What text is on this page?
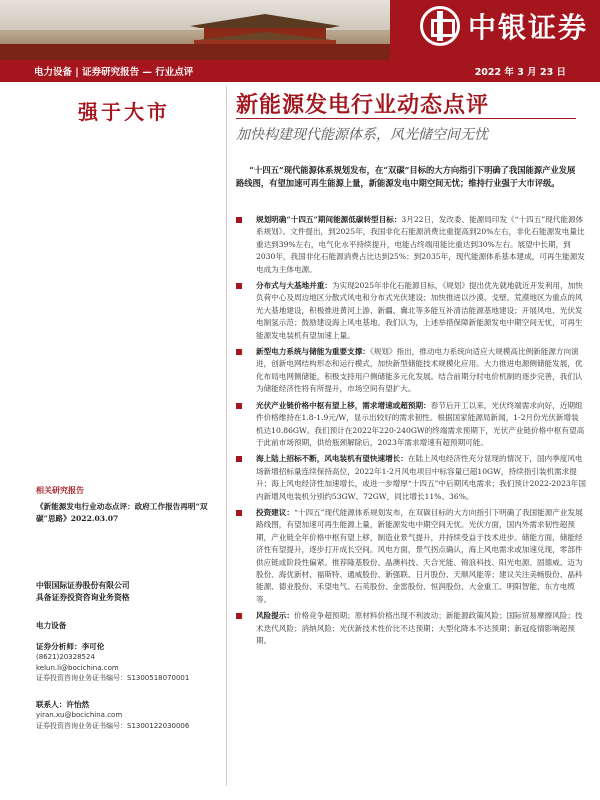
中银证券
电力设备 | 证券研究报告 — 行业点评	2022 年 3 月 23 日
强于大市	新能源发电行业动态点评
加快构建现代能源体系，风光储空间无忧
“十四五”现代能源体系规划发布，在“双碳”目标的大方向指引下明确了我国能源产业发展路线图，有望加速可再生能源上量，新能源发电中期空间无忧；维持行业强于大市评级。
规划明确“十四五”期间能源低碳转型目标：3月22日，发改委、能源局印发《“十四五”现代能源体系规划》。文件提出，到2025年，我国非化石能源消费比重提高到20%左右，非化石能源发电量比重达到39%左右，电气化水平持续提升，电能占终端用能比重达到30%左右。展望中长期，到2030年，我国非化石能源消费占比达到25%；到2035年，现代能源体系基本建成，可再生能源发电成为主体电源。
分布式与大基地并重：为实现2025年非化石能源目标，《规划》提出优先就地就近开发利用，加快负荷中心及周边地区分散式风电和分布式光伏建设；加快推进以沙漠、戈壁、荒漠地区为重点的风光大基地建设，积极推进黄河上游、新疆、冀北等多能互补清洁能源基地建设；开展风电、光伏发电制氢示范；鼓励建设海上风电基地。我们认为，上述举措保障新能源发电中期空间无忧，可再生能源发电装机有望加速上量。
新型电力系统与储能为重要支撑：《规划》指出，推动电力系统向适应大规模高比例新能源方向演进，创新电网结构形态和运行模式，加快新型储能技术规模化应用。大力推进电源侧储能发展，优化布局电网侧储能，积极支持用户侧储能多元化发展。结合前期分时电价机制的逐步完善，我们认为储能经济性将有所提升，市场空间有望扩大。
光伏产业链价格中枢有望上移，需求增速或超预期：春节后开工以来，光伏终端需求向好，近期组件价格维持在1.8-1.9元/W，显示出较好的需求韧性。根据国家能源局新闻，1-2月份光伏新增装机达10.86GW。我们预计在2022年220-240GW的终端需求预期下，光伏产业链价格中枢有望高于此前市场预期，供给瓶颈解除后，2023年需求增速有超预期可能。
海上陆上招标不断，风电装机有望快速增长：在陆上风电经济性充分显现的情况下，国内季度风电场新增招标量连续保持高位，2022年1-2月风电项目中标容量已超10GW，持续指引装机需求提升；海上风电经济性加速增长，或进一步增厚“十四五”中后期风电需求；我们预计2022-2023年国内新增风电装机分别约53GW、72GW，同比增长11%、36%。
投资建议：“十四五”现代能源体系规划发布，在双碳目标的大方向指引下明确了我国能源产业发展路线图，有望加速可再生能源上量，新能源发电中期空间无忧。光伏方面，国内外需求韧性超预期，产业链全年价格中枢有望上移，制造业景气提升，并持续受益于技术进步。储能方面，储能经济性有望提升，逐步打开成长空间。风电方面，景气拐点确认，海上风电需求或加速兑现，零部件供应链或阶段性偏紧。推荐隆基股份、晶澳科技、天合光能、锦浪科技、阳光电源、固德威、迈为股份、海优新材、福斯特、通威股份、新强联、日月股份、天顺风能等；建议关注美畅股份、晶科能源、德业股份、禾望电气、石英股份、金雷股份、恒润股份、大金重工、明阳智能、东方电缆等。
风险提示：价格竞争超预期；原材料价格出现不利波动；新能源政策风险；国际贸易摩擦风险；技术迭代风险；消纳风险；光伏新技术性价比不达预期；大型化降本不达预期；新冠疫情影响超预期。
相关研究报告
《新能源发电行业动态点评：政府工作报告再明“双碳”思路》2022.03.07
中银国际证券股份有限公司
具备证券投资咨询业务资格
电力设备
证券分析师：李可伦
(8621)20328524
kelun.li@bocichina.com
证券投资咨询业务证书编号：S1300518070001
联系人：许怡然
yiran.xu@bocichina.com
证券投资咨询业务证书编号：S1300122030006
